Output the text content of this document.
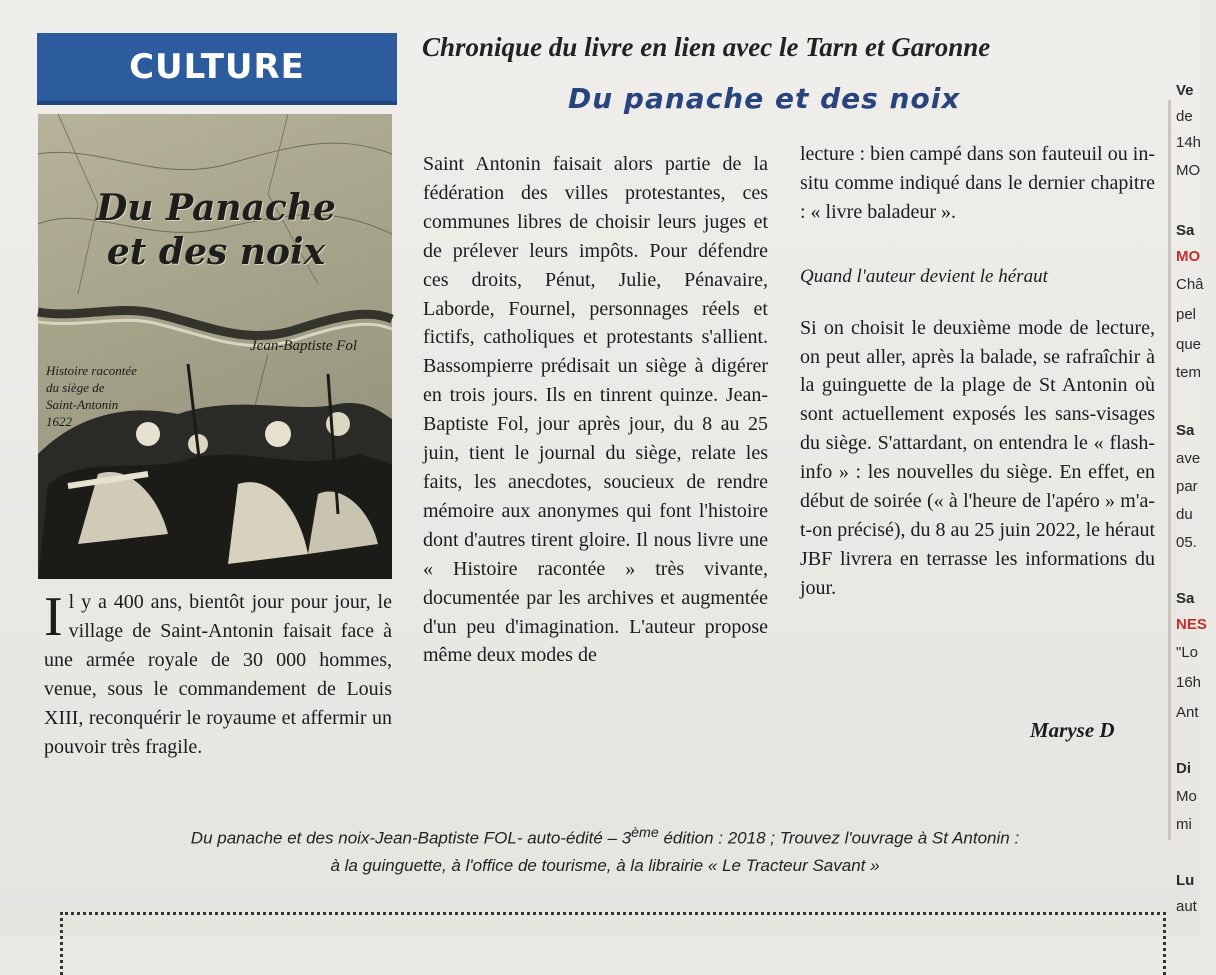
CULTURE	Chronique du livre en lien avec le Tarn et Garonne
Du panache et des noix
Du Panache
et des noix
Jean-Baptiste Fol
Histoire racontée
du siège de
Saint-Antonin
1622

Il y a 400 ans, bientôt jour pour jour, le village de Saint-Antonin faisait face à une armée royale de 30 000 hommes, venue, sous le commandement de Louis XIII, reconquérir le royaume et affermir un pouvoir très fragile.

Saint Antonin faisait alors partie de la fédération des villes protestantes, ces communes libres de choisir leurs juges et de prélever leurs impôts. Pour défendre ces droits, Pénut, Julie, Pénavaire, Laborde, Fournel, personnages réels et fictifs, catholiques et protestants s'allient. Bassompierre prédisait un siège à digérer en trois jours. Ils en tinrent quinze. Jean-Baptiste Fol, jour après jour, du 8 au 25 juin, tient le journal du siège, relate les faits, les anecdotes, soucieux de rendre mémoire aux anonymes qui font l'histoire dont d'autres tirent gloire. Il nous livre une « Histoire racontée » très vivante, documentée par les archives et augmentée d'un peu d'imagination. L'auteur propose même deux modes de

lecture : bien campé dans son fauteuil ou in-situ comme indiqué dans le dernier chapitre : « livre baladeur ».

Quand l'auteur devient le héraut

Si on choisit le deuxième mode de lecture, on peut aller, après la balade, se rafraîchir à la guinguette de la plage de St Antonin où sont actuellement exposés les sans-visages du siège. S'attardant, on entendra le « flash-info » : les nouvelles du siège. En effet, en début de soirée (« à l'heure de l'apéro » m'a-t-on précisé), du 8 au 25 juin 2022, le héraut JBF livrera en terrasse les informations du jour.

Maryse D
Du panache et des noix-Jean-Baptiste FOL- auto-édité – 3ème édition : 2018 ; Trouvez l'ouvrage à St Antonin :
à la guinguette, à l'office de tourisme, à la librairie « Le Tracteur Savant »
Ve
de
14h
MO
Sa
MO
Châ
pel
que
tem
Sa
ave
par
du
05.
Sa
NES
"Lo
16h
Ant
Di
Mo
mi
Lu
aut
